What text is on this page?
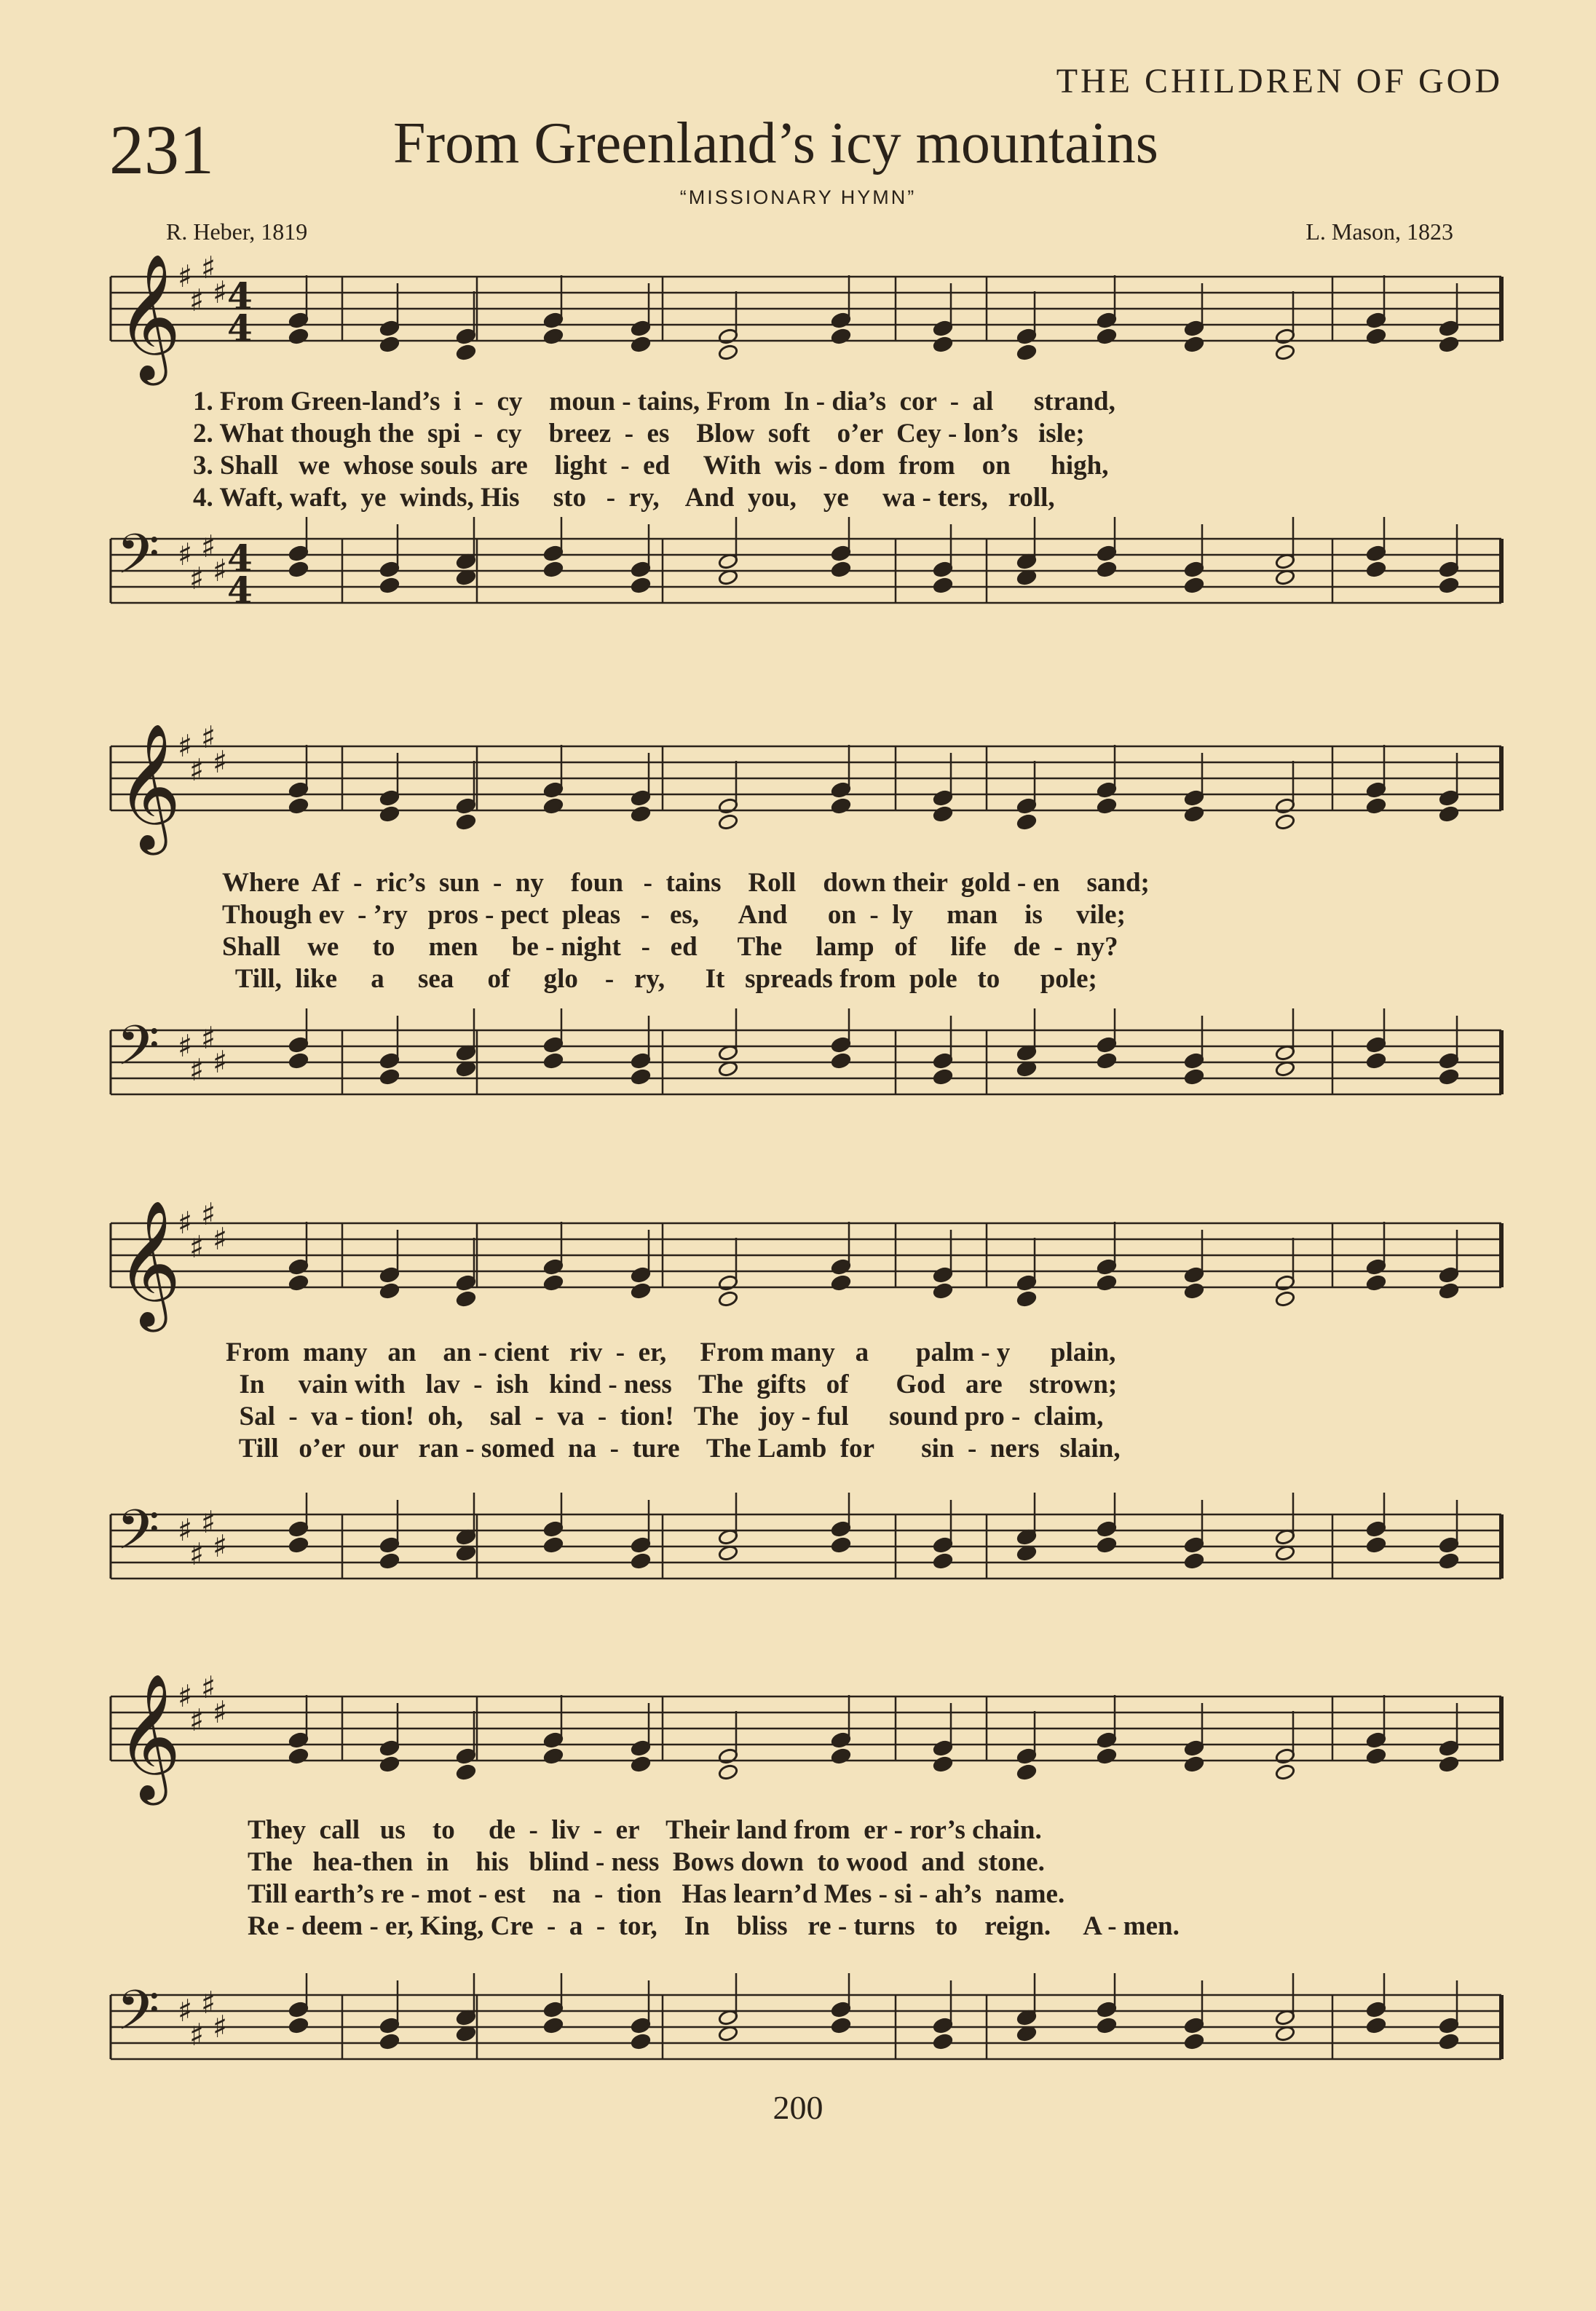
THE CHILDREN OF GOD
231	From Greenland’s icy mountains
“MISSIONARY HYMN”
R. Heber, 1819	L. Mason, 1823
𝄞
♯
♯
♯
♯ 4
4
1. From Green-land’s  i  -  cy    moun - tains, From  In - dia’s  cor  -  al      strand,
2. What though the  spi  -  cy    breez  -  es    Blow  soft    o’er  Cey - lon’s   isle;
3. Shall   we  whose souls  are    light  -  ed     With  wis - dom  from    on      high,
4. Waft, waft,  ye  winds, His     sto   -  ry,    And  you,    ye     wa - ters,   roll,
𝄢 ♯
♯
♯
♯ 4
4
𝄞
♯
♯
♯
♯
Where  Af  -  ric’s  sun  -  ny    foun   -  tains    Roll    down their  gold - en    sand;
Though ev  - ’ry   pros - pect  pleas   -   es,      And      on  -  ly     man    is     vile;
Shall    we     to     men     be - night   -   ed      The     lamp   of     life    de  -  ny?
Till,  like     a     sea     of     glo    -   ry,      It   spreads from  pole   to      pole;
𝄢 ♯
♯
♯
♯
𝄞
♯
♯
♯
♯
From  many   an    an - cient   riv  -  er,     From many   a       palm - y      plain,
In     vain with   lav  -  ish   kind - ness    The  gifts   of       God   are    strown;
Sal  -  va - tion!  oh,    sal  -  va  -  tion!   The   joy - ful      sound pro -  claim,
Till   o’er  our   ran - somed  na  -  ture    The Lamb  for       sin  -  ners   slain,
𝄢 ♯
♯
♯
♯
𝄞
♯
♯
♯
♯
They  call   us    to     de  -  liv  -  er    Their land from  er - ror’s chain.
The   hea-then  in    his   blind - ness  Bows down  to wood  and  stone.
Till earth’s re - mot - est    na  -  tion   Has learn’d Mes - si - ah’s  name.
Re - deem - er, King, Cre  -  a  -  tor,    In    bliss   re - turns   to    reign.     A - men.
𝄢 ♯
♯
♯
♯
200
